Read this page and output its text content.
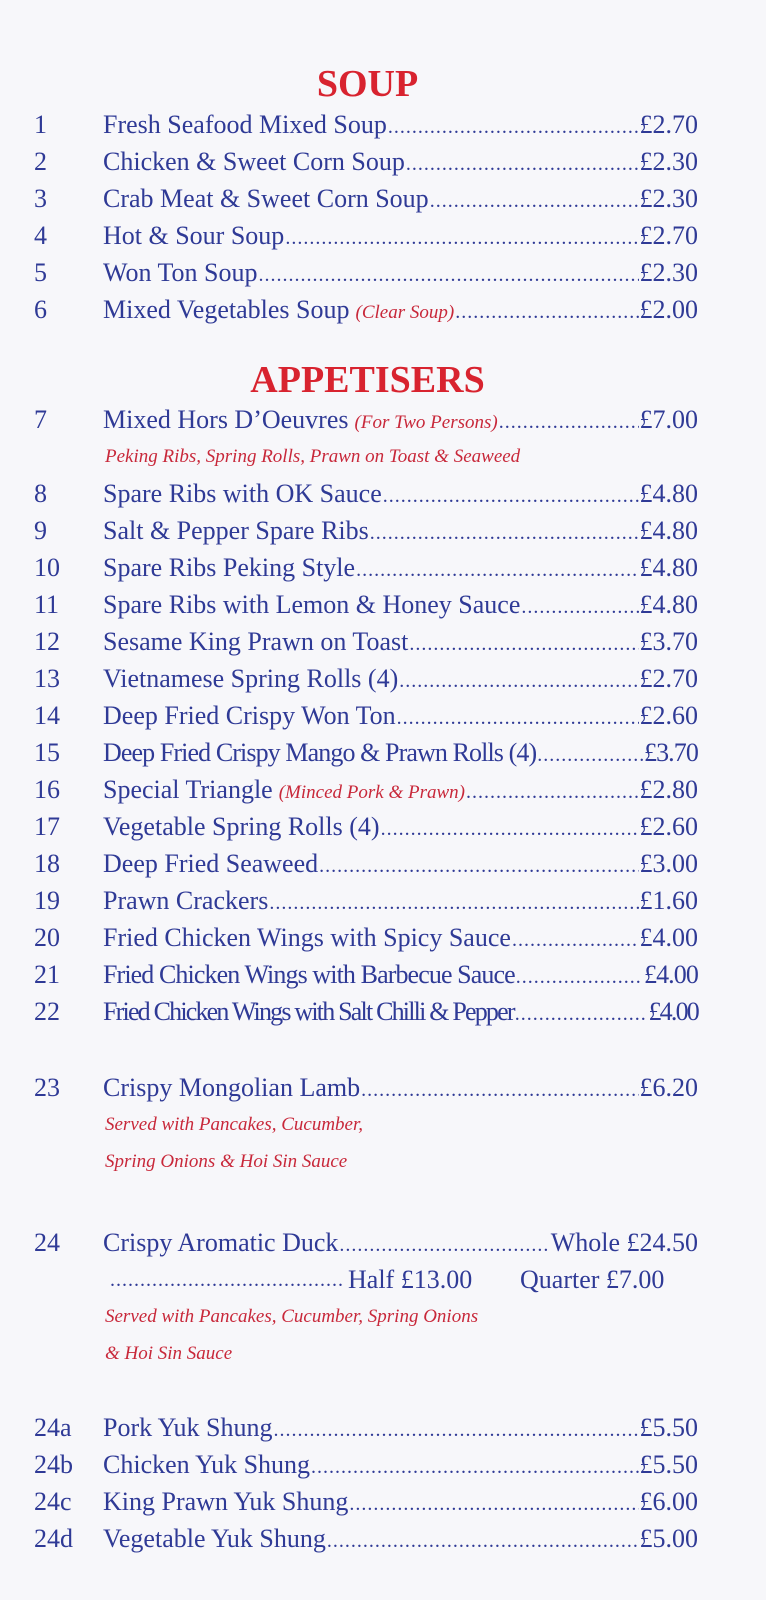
SOUP
1 Fresh Seafood Mixed Soup .....	£2.70
2 Chicken & Sweet Corn Soup .....	£2.30
3 Crab Meat & Sweet Corn Soup .....	£2.30
4 Hot & Sour Soup .....	£2.70
5 Won Ton Soup .....	£2.30
6 Mixed Vegetables Soup (Clear Soup) .....	£2.00
APPETISERS
7 Mixed Hors D’Oeuvres (For Two Persons) .....	£7.00
Peking Ribs, Spring Rolls, Prawn on Toast & Seaweed
8 Spare Ribs with OK Sauce .....	£4.80
9 Salt & Pepper Spare Ribs .....	£4.80
10 Spare Ribs Peking Style .....	£4.80
11 Spare Ribs with Lemon & Honey Sauce .....	£4.80
12 Sesame King Prawn on Toast .....	£3.70
13 Vietnamese Spring Rolls (4) .....	£2.70
14 Deep Fried Crispy Won Ton .....	£2.60
15 Deep Fried Crispy Mango & Prawn Rolls (4) .....	£3.70
16 Special Triangle (Minced Pork & Prawn) .....	£2.80
17 Vegetable Spring Rolls (4) .....	£2.60
18 Deep Fried Seaweed .....	£3.00
19 Prawn Crackers .....	£1.60
20 Fried Chicken Wings with Spicy Sauce .....	£4.00
21 Fried Chicken Wings with Barbecue Sauce .....	£4.00
22 Fried Chicken Wings with Salt Chilli & Pepper .....	£4.00
23 Crispy Mongolian Lamb .....	£6.20
Served with Pancakes, Cucumber,
Spring Onions & Hoi Sin Sauce
24 Crispy Aromatic Duck .....	Whole £24.50
.....
Half £13.00 Quarter £7.00
Served with Pancakes, Cucumber, Spring Onions
& Hoi Sin Sauce
24a Pork Yuk Shung .....	£5.50
24b Chicken Yuk Shung .....	£5.50
24c King Prawn Yuk Shung .....	£6.00
24d Vegetable Yuk Shung .....	£5.00
